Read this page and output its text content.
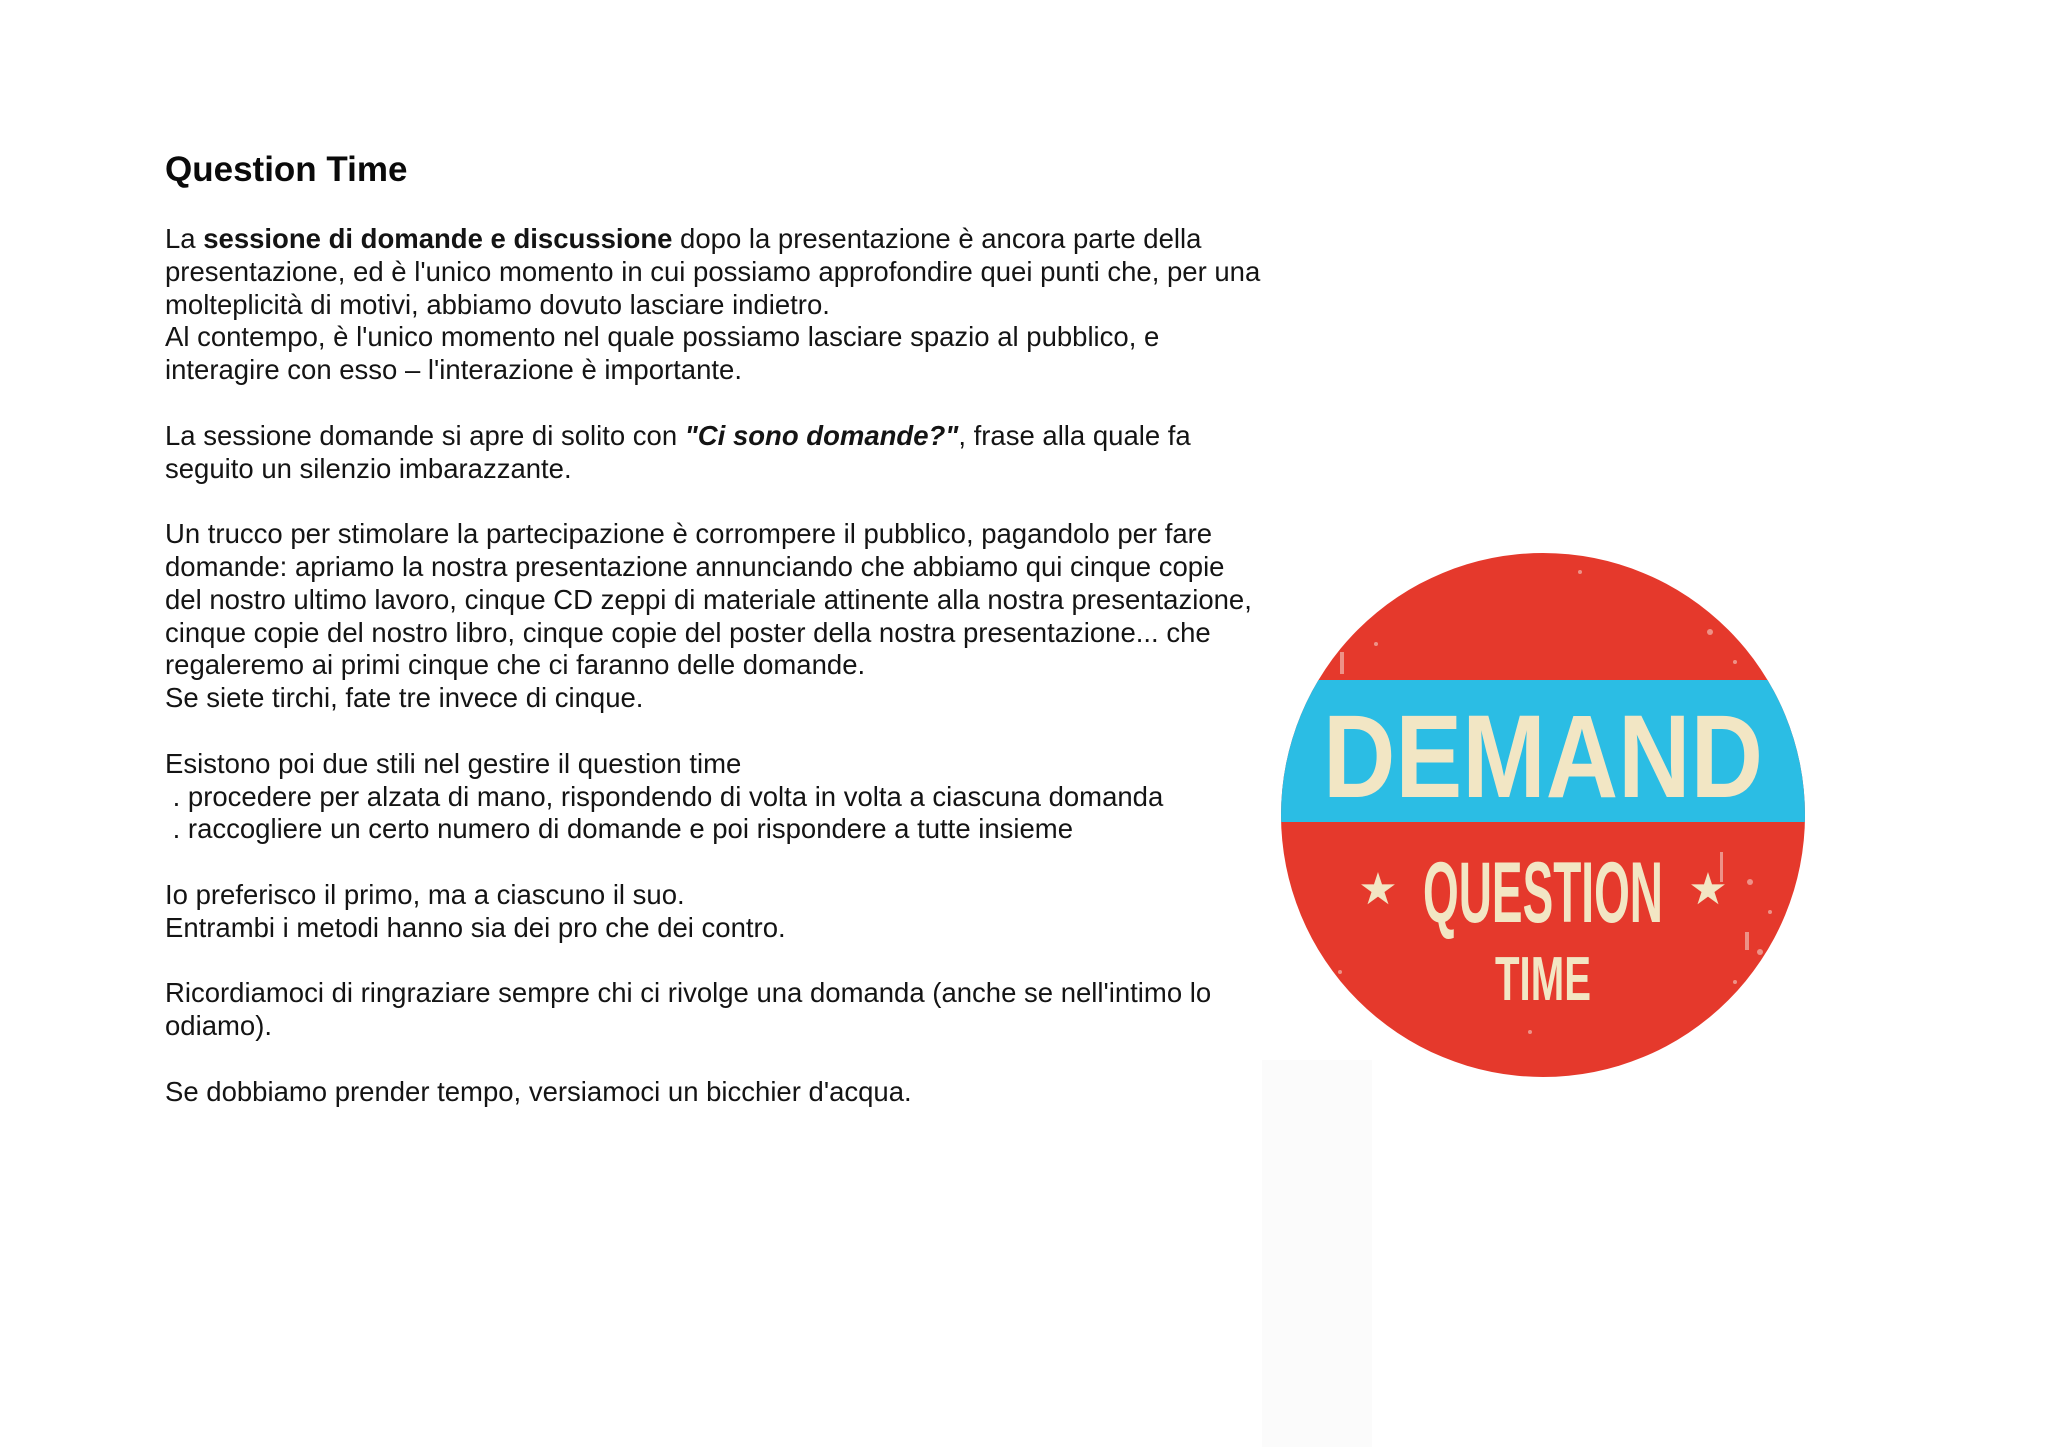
Question Time

La sessione di domande e discussione dopo la presentazione è ancora parte della
presentazione, ed è l'unico momento in cui possiamo approfondire quei punti che, per una
molteplicità di motivi, abbiamo dovuto lasciare indietro.
Al contempo, è l'unico momento nel quale possiamo lasciare spazio al pubblico, e
interagire con esso – l'interazione è importante.

La sessione domande si apre di solito con "Ci sono domande?", frase alla quale fa
seguito un silenzio imbarazzante.

Un trucco per stimolare la partecipazione è corrompere il pubblico, pagandolo per fare
domande: apriamo la nostra presentazione annunciando che abbiamo qui cinque copie
del nostro ultimo lavoro, cinque CD zeppi di materiale attinente alla nostra presentazione,
cinque copie del nostro libro, cinque copie del poster della nostra presentazione... che
regaleremo ai primi cinque che ci faranno delle domande.
Se siete tirchi, fate tre invece di cinque.

Esistono poi due stili nel gestire il question time
. procedere per alzata di mano, rispondendo di volta in volta a ciascuna domanda
. raccogliere un certo numero di domande e poi rispondere a tutte insieme

Io preferisco il primo, ma a ciascuno il suo.
Entrambi i metodi hanno sia dei pro che dei contro.

Ricordiamoci di ringraziare sempre chi ci rivolge una domanda (anche se nell'intimo lo
odiamo).

Se dobbiamo prender tempo, versiamoci un bicchier d'acqua.

DEMAND
★ QUESTION ★
TIME
